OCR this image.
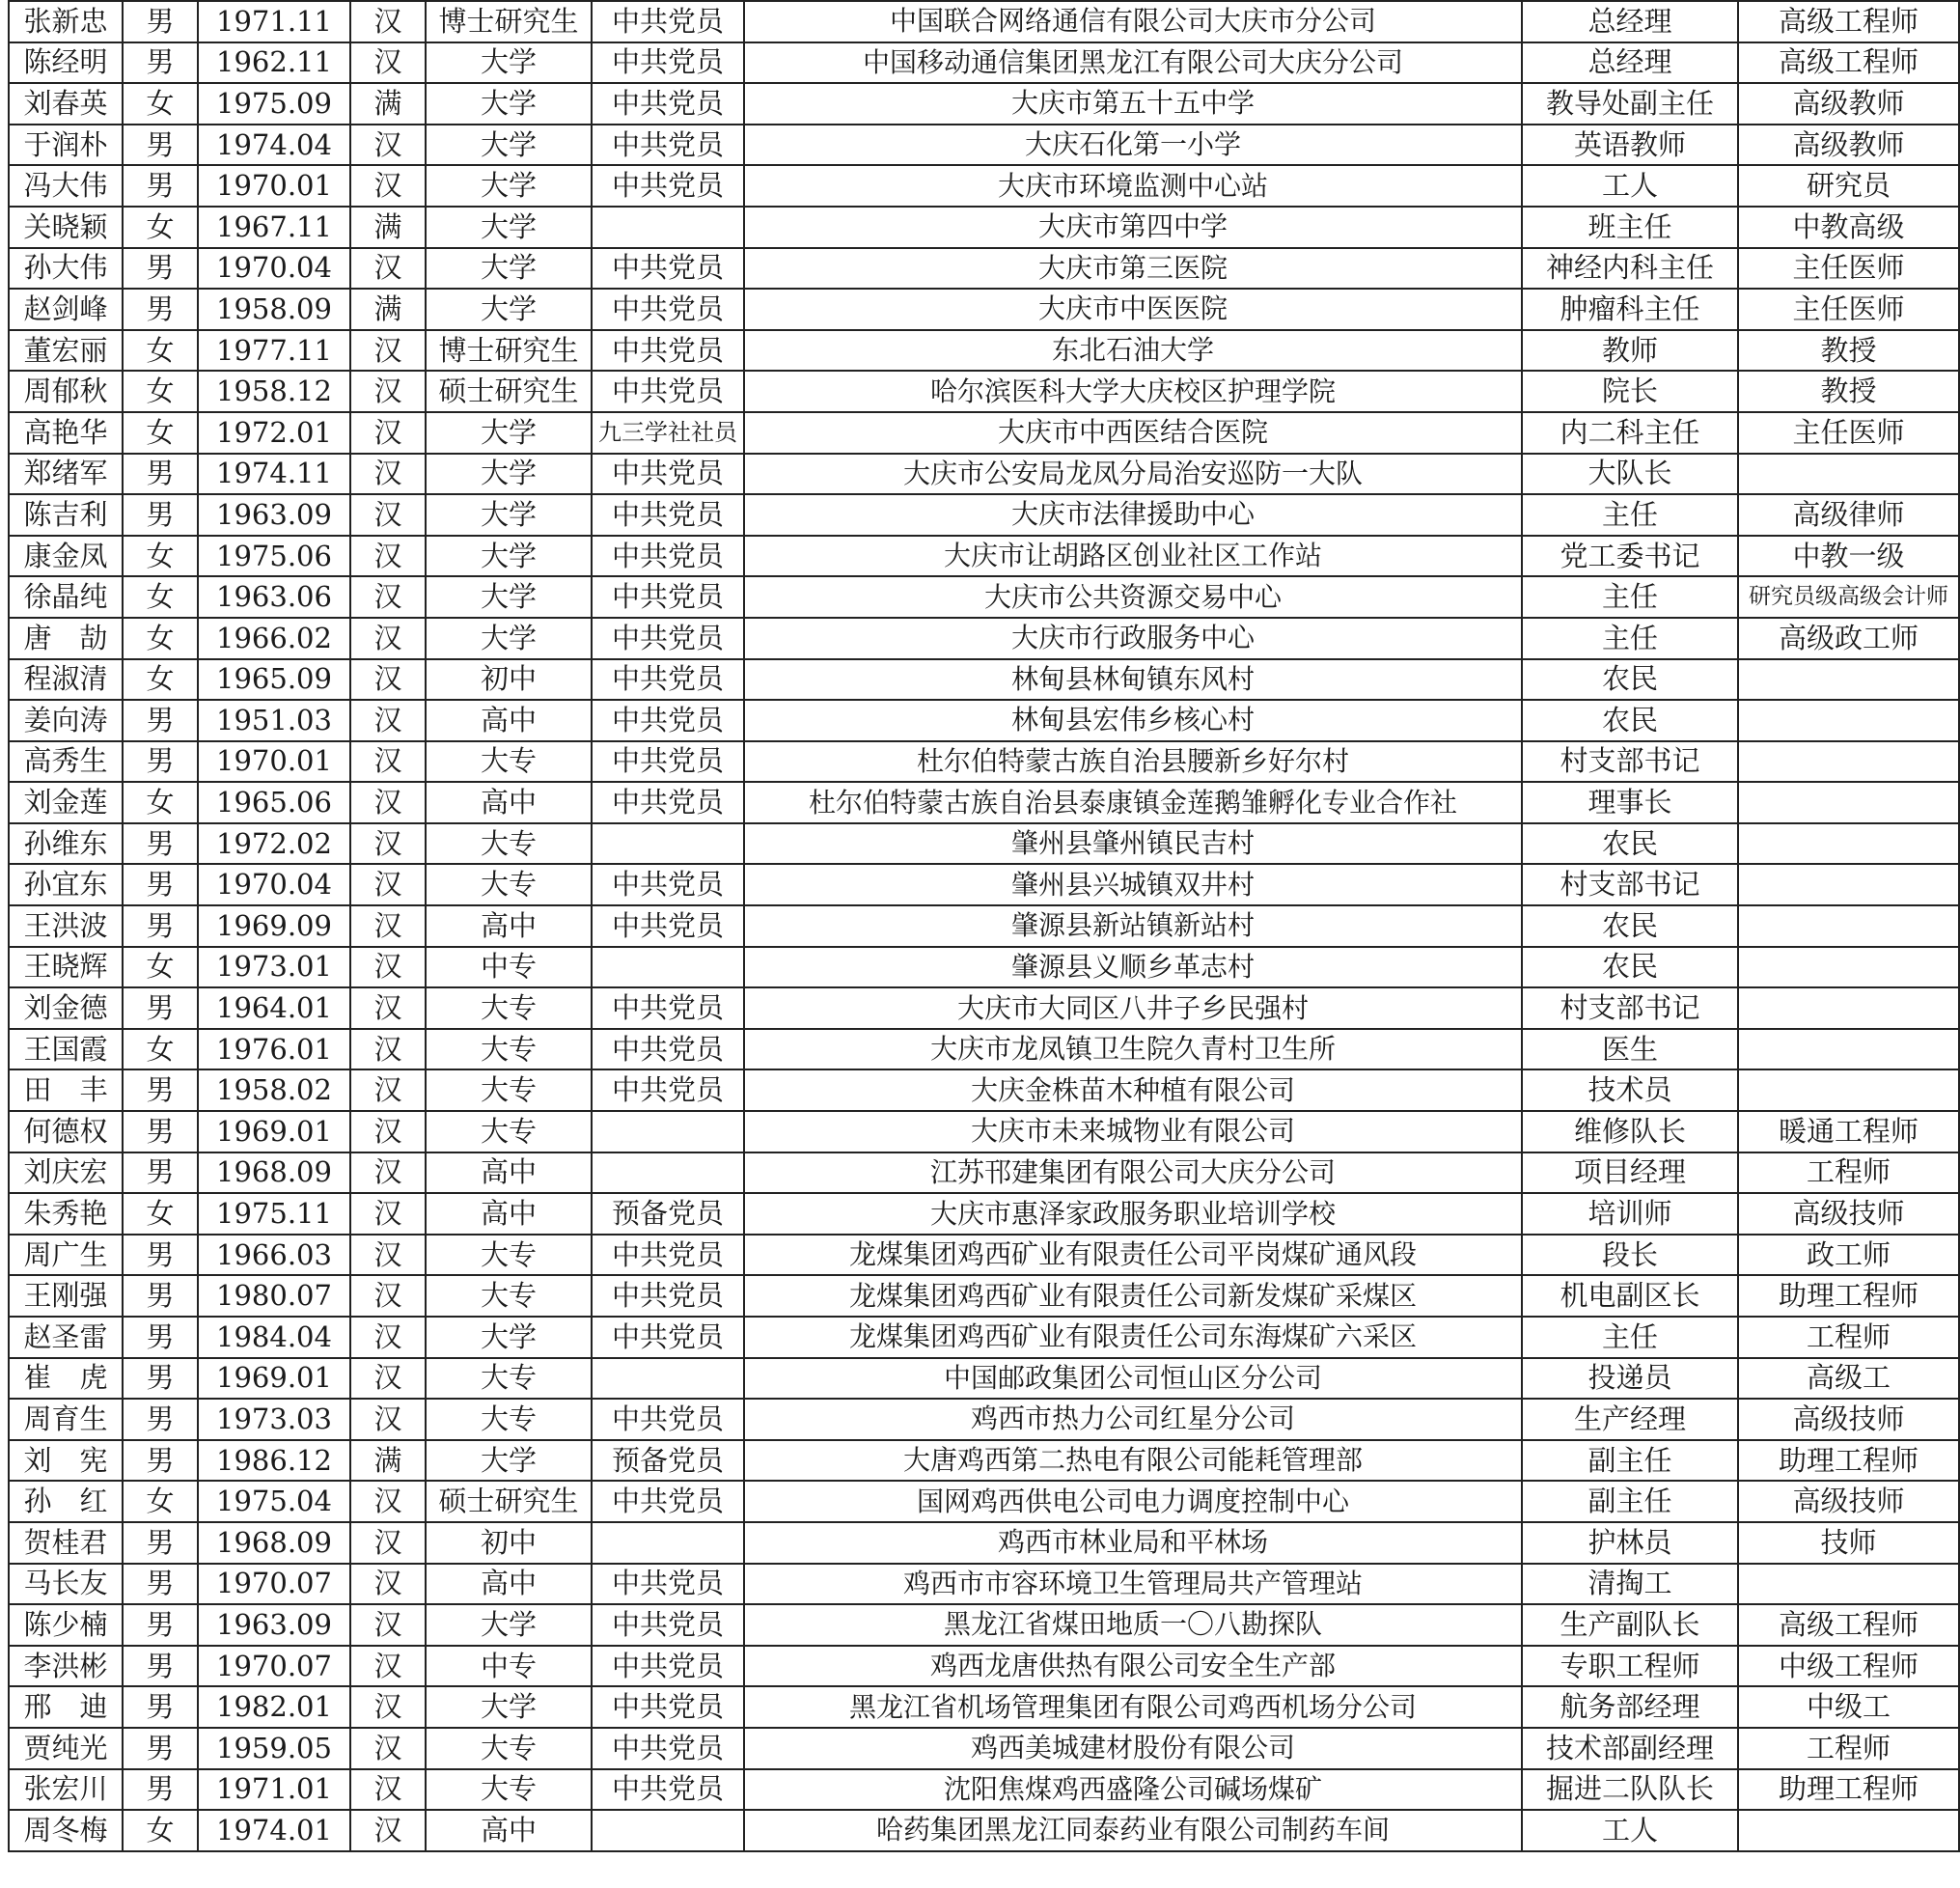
张新忠	男	1971.11	汉	博士研究生	中共党员	中国联合网络通信有限公司大庆市分公司	总经理	高级工程师
陈经明	男	1962.11	汉	大学	中共党员	中国移动通信集团黑龙江有限公司大庆分公司	总经理	高级工程师
刘春英	女	1975.09	满	大学	中共党员	大庆市第五十五中学	教导处副主任	高级教师
于润朴	男	1974.04	汉	大学	中共党员	大庆石化第一小学	英语教师	高级教师
冯大伟	男	1970.01	汉	大学	中共党员	大庆市环境监测中心站	工人	研究员
关晓颖	女	1967.11	满	大学		大庆市第四中学	班主任	中教高级
孙大伟	男	1970.04	汉	大学	中共党员	大庆市第三医院	神经内科主任	主任医师
赵剑峰	男	1958.09	满	大学	中共党员	大庆市中医医院	肿瘤科主任	主任医师
董宏丽	女	1977.11	汉	博士研究生	中共党员	东北石油大学	教师	教授
周郁秋	女	1958.12	汉	硕士研究生	中共党员	哈尔滨医科大学大庆校区护理学院	院长	教授
高艳华	女	1972.01	汉	大学	九三学社社员	大庆市中西医结合医院	内二科主任	主任医师
郑绪军	男	1974.11	汉	大学	中共党员	大庆市公安局龙凤分局治安巡防一大队	大队长	
陈吉利	男	1963.09	汉	大学	中共党员	大庆市法律援助中心	主任	高级律师
康金凤	女	1975.06	汉	大学	中共党员	大庆市让胡路区创业社区工作站	党工委书记	中教一级
徐晶纯	女	1963.06	汉	大学	中共党员	大庆市公共资源交易中心	主任	研究员级高级会计师
唐　劼	女	1966.02	汉	大学	中共党员	大庆市行政服务中心	主任	高级政工师
程淑清	女	1965.09	汉	初中	中共党员	林甸县林甸镇东风村	农民	
姜向涛	男	1951.03	汉	高中	中共党员	林甸县宏伟乡核心村	农民	
高秀生	男	1970.01	汉	大专	中共党员	杜尔伯特蒙古族自治县腰新乡好尔村	村支部书记	
刘金莲	女	1965.06	汉	高中	中共党员	杜尔伯特蒙古族自治县泰康镇金莲鹅雏孵化专业合作社	理事长	
孙维东	男	1972.02	汉	大专		肇州县肇州镇民吉村	农民	
孙宜东	男	1970.04	汉	大专	中共党员	肇州县兴城镇双井村	村支部书记	
王洪波	男	1969.09	汉	高中	中共党员	肇源县新站镇新站村	农民	
王晓辉	女	1973.01	汉	中专		肇源县义顺乡革志村	农民	
刘金德	男	1964.01	汉	大专	中共党员	大庆市大同区八井子乡民强村	村支部书记	
王国霞	女	1976.01	汉	大专	中共党员	大庆市龙凤镇卫生院久青村卫生所	医生	
田　丰	男	1958.02	汉	大专	中共党员	大庆金株苗木种植有限公司	技术员	
何德权	男	1969.01	汉	大专		大庆市未来城物业有限公司	维修队长	暖通工程师
刘庆宏	男	1968.09	汉	高中		江苏邗建集团有限公司大庆分公司	项目经理	工程师
朱秀艳	女	1975.11	汉	高中	预备党员	大庆市惠泽家政服务职业培训学校	培训师	高级技师
周广生	男	1966.03	汉	大专	中共党员	龙煤集团鸡西矿业有限责任公司平岗煤矿通风段	段长	政工师
王刚强	男	1980.07	汉	大专	中共党员	龙煤集团鸡西矿业有限责任公司新发煤矿采煤区	机电副区长	助理工程师
赵圣雷	男	1984.04	汉	大学	中共党员	龙煤集团鸡西矿业有限责任公司东海煤矿六采区	主任	工程师
崔　虎	男	1969.01	汉	大专		中国邮政集团公司恒山区分公司	投递员	高级工
周育生	男	1973.03	汉	大专	中共党员	鸡西市热力公司红星分公司	生产经理	高级技师
刘　宪	男	1986.12	满	大学	预备党员	大唐鸡西第二热电有限公司能耗管理部	副主任	助理工程师
孙　红	女	1975.04	汉	硕士研究生	中共党员	国网鸡西供电公司电力调度控制中心	副主任	高级技师
贺桂君	男	1968.09	汉	初中		鸡西市林业局和平林场	护林员	技师
马长友	男	1970.07	汉	高中	中共党员	鸡西市市容环境卫生管理局共产管理站	清掏工	
陈少楠	男	1963.09	汉	大学	中共党员	黑龙江省煤田地质一〇八勘探队	生产副队长	高级工程师
李洪彬	男	1970.07	汉	中专	中共党员	鸡西龙唐供热有限公司安全生产部	专职工程师	中级工程师
邢　迪	男	1982.01	汉	大学	中共党员	黑龙江省机场管理集团有限公司鸡西机场分公司	航务部经理	中级工
贾纯光	男	1959.05	汉	大专	中共党员	鸡西美城建材股份有限公司	技术部副经理	工程师
张宏川	男	1971.01	汉	大专	中共党员	沈阳焦煤鸡西盛隆公司碱场煤矿	掘进二队队长	助理工程师
周冬梅	女	1974.01	汉	高中		哈药集团黑龙江同泰药业有限公司制药车间	工人	
